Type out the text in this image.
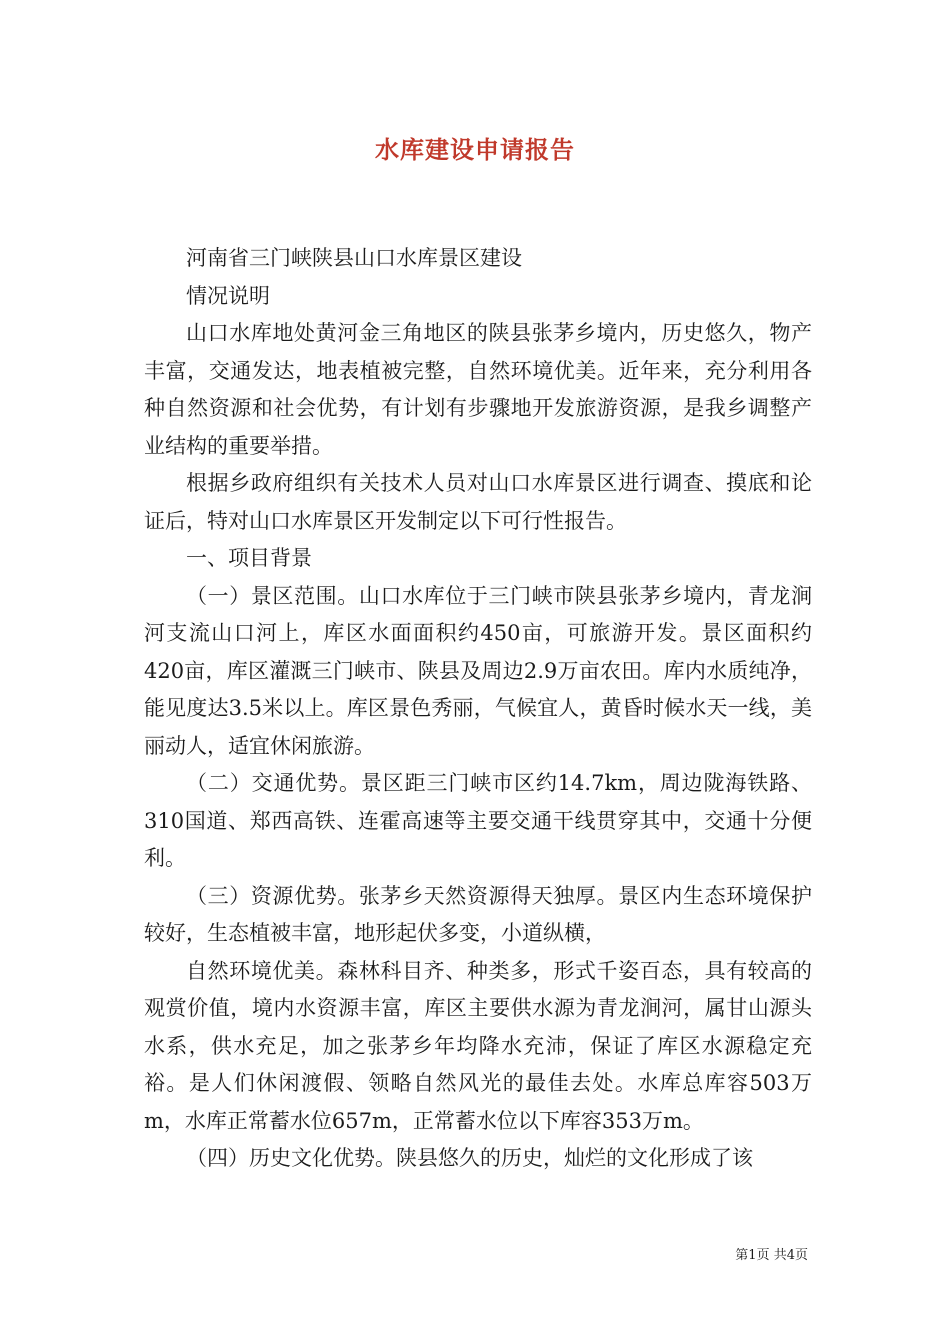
水库建设申请报告

河南省三门峡陕县山口水库景区建设

情况说明

山口水库地处黄河金三角地区的陕县张茅乡境内，历史悠久，物产丰富，交通发达，地表植被完整，自然环境优美。近年来，充分利用各种自然资源和社会优势，有计划有步骤地开发旅游资源，是我乡调整产业结构的重要举措。

根据乡政府组织有关技术人员对山口水库景区进行调查、摸底和论证后，特对山口水库景区开发制定以下可行性报告。

一、项目背景

（一）景区范围。山口水库位于三门峡市陕县张茅乡境内，青龙涧河支流山口河上，库区水面面积约450亩，可旅游开发。景区面积约420亩，库区灌溉三门峡市、陕县及周边2.9万亩农田。库内水质纯净，能见度达3.5米以上。库区景色秀丽，气候宜人，黄昏时候水天一线，美丽动人，适宜休闲旅游。

（二）交通优势。景区距三门峡市区约14.7km，周边陇海铁路、310国道、郑西高铁、连霍高速等主要交通干线贯穿其中，交通十分便利。

（三）资源优势。张茅乡天然资源得天独厚。景区内生态环境保护较好，生态植被丰富，地形起伏多变，小道纵横，

自然环境优美。森林科目齐、种类多，形式千姿百态，具有较高的观赏价值，境内水资源丰富，库区主要供水源为青龙涧河，属甘山源头水系，供水充足，加之张茅乡年均降水充沛，保证了库区水源稳定充裕。是人们休闲渡假、领略自然风光的最佳去处。水库总库容503万m，水库正常蓄水位657m，正常蓄水位以下库容353万m。

（四）历史文化优势。陕县悠久的历史，灿烂的文化形成了该

第1页 共4页
